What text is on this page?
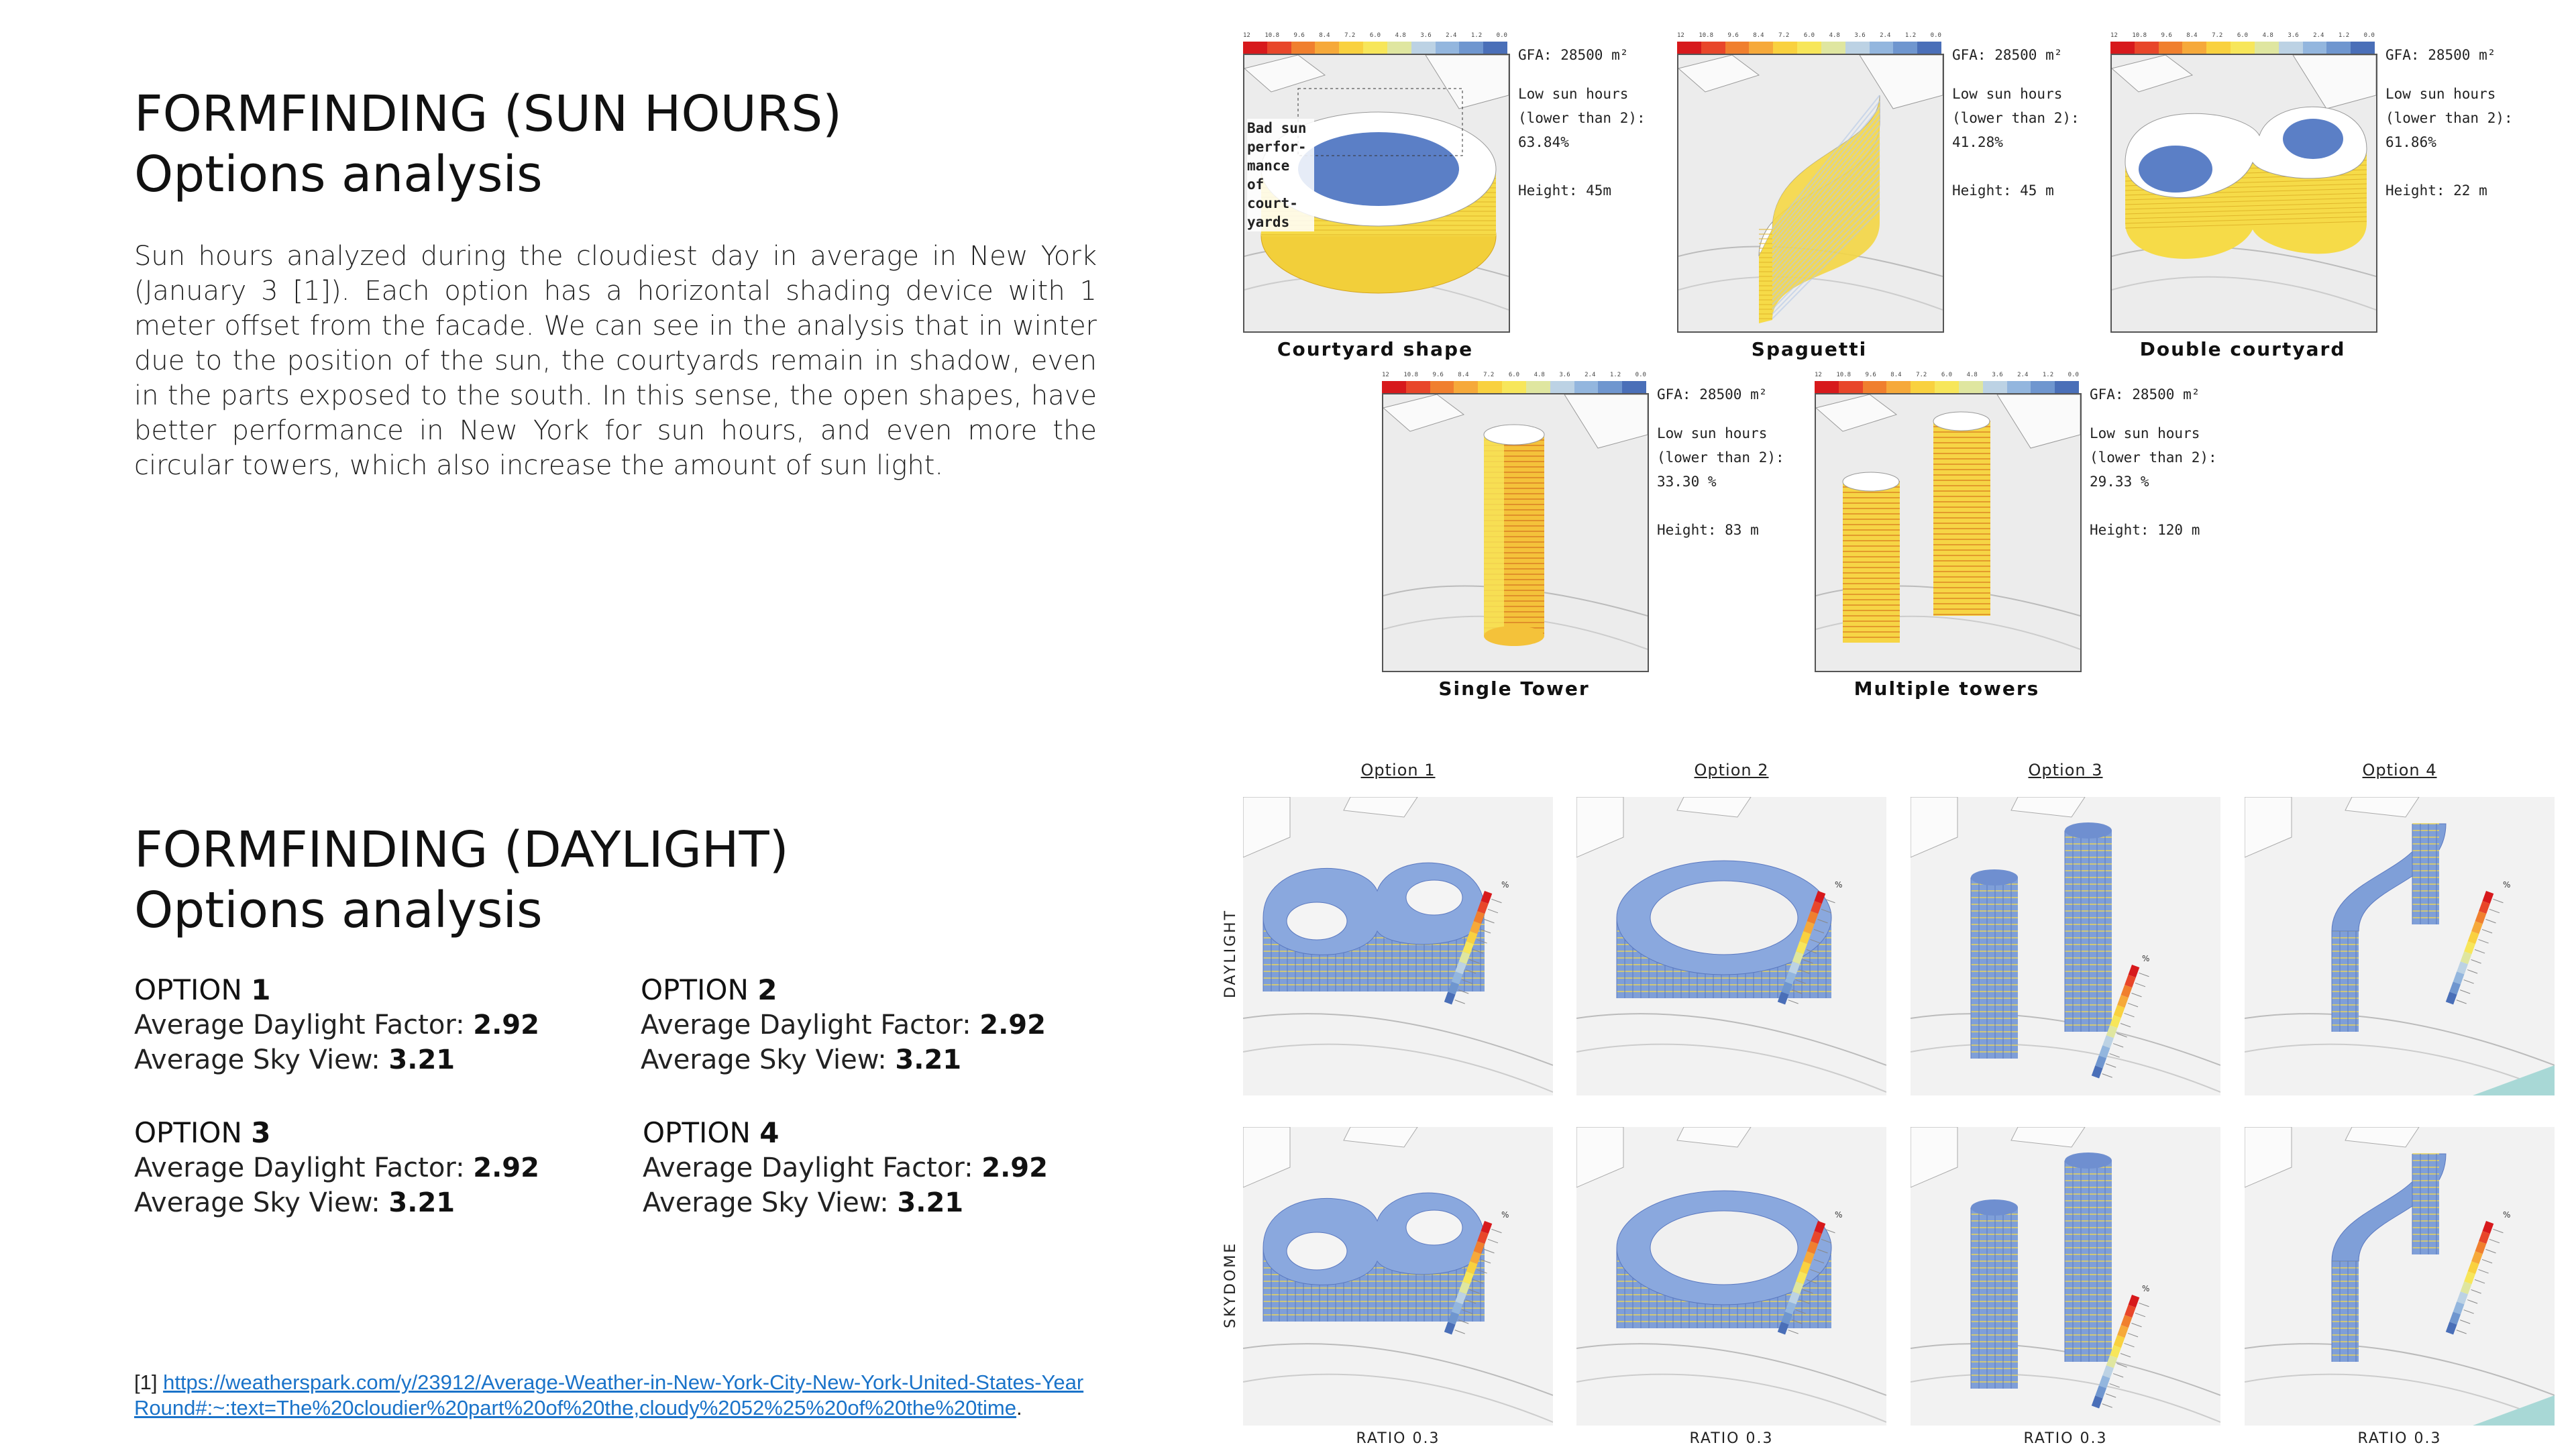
FORMFINDING (SUN HOURS)
Options analysis
Sun hours analyzed during the cloudiest day in average in New York (January 3 [1]). Each option has a horizontal shading device with 1 meter offset from the facade. We can see in the analysis that in winter due to the position of the sun, the courtyards remain in shadow, even in the parts exposed to the south. In this sense, the open shapes, have better performance in New York for sun hours, and even more the circular towers, which also increase the amount of sun light.
FORMFINDING (DAYLIGHT)
Options analysis
OPTION 1
Average Daylight Factor: 2.92
Average Sky View: 3.21
OPTION 2
Average Daylight Factor: 2.92
Average Sky View: 3.21
OPTION 3
Average Daylight Factor: 2.92
Average Sky View: 3.21
OPTION 4
Average Daylight Factor: 2.92
Average Sky View: 3.21
[1] https://weatherspark.com/y/23912/Average-Weather-in-New-York-City-New-York-United-States-Year
Round#:~:text=The%20cloudier%20part%20of%20the,cloudy%2052%25%20of%20the%20time.
12 10.8 9.6 8.4 7.2 6.0 4.8 3.6 2.4 1.2 0.0
Bad sun perfor- mance of court- yards
GFA: 28500 m²

Low sun hours
(lower than 2):
63.84%

Height: 45m
Courtyard shape
12 10.8 9.6 8.4 7.2 6.0 4.8 3.6 2.4 1.2 0.0
GFA: 28500 m²

Low sun hours
(lower than 2):
41.28%

Height: 45 m
Spaguetti
12 10.8 9.6 8.4 7.2 6.0 4.8 3.6 2.4 1.2 0.0
GFA: 28500 m²

Low sun hours
(lower than 2):
61.86%

Height: 22 m
Double courtyard
12 10.8 9.6 8.4 7.2 6.0 4.8 3.6 2.4 1.2 0.0
GFA: 28500 m²

Low sun hours
(lower than 2):
33.30 %

Height: 83 m
Single Tower
12 10.8 9.6 8.4 7.2 6.0 4.8 3.6 2.4 1.2 0.0
GFA: 28500 m²

Low sun hours
(lower than 2):
29.33 %

Height: 120 m
Multiple towers
Option 1
RATIO 0.3
Option 2
RATIO 0.3
Option 3
RATIO 0.3
Option 4
RATIO 0.3
DAYLIGHT
SKYDOME
%	%
%
%
%	%
%
%
